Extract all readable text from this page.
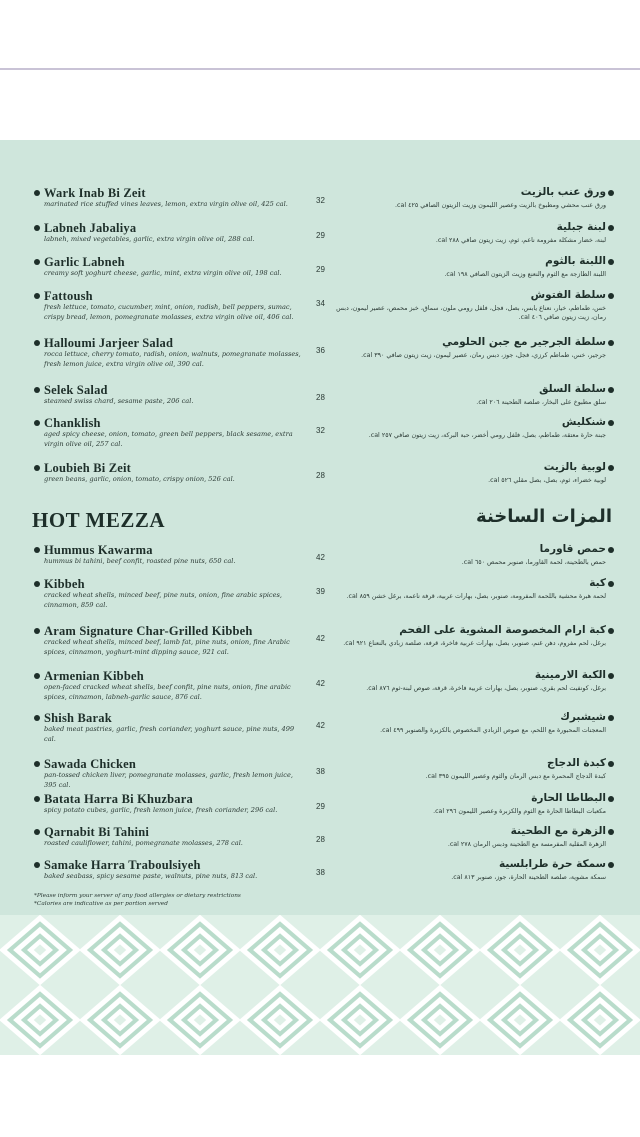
Wark Inab Bi Zeit
marinated rice stuffed vines leaves, lemon, extra virgin olive oil, 425 cal.	32
ورق عنب بالزيت
ورق عنب محشي ومطبوخ بالزيت وعصير الليمون وزيت الزيتون الصافي ٤٢٥ cal.
Labneh Jabaliya
labneh, mixed vegetables, garlic, extra virgin olive oil, 288 cal.	29
لبنة جبلية
لبنة، خضار مشكلة مفرومة ناعم، ثوم، زيت زيتون صافي ٢٨٨ cal.
Garlic Labneh
creamy soft yoghurt cheese, garlic, mint, extra virgin olive oil, 198 cal.	29
اللبنة بالثوم
اللبنة الطازجة مع الثوم والنعنع وزيت الزيتون الصافي ١٩٨ cal.
Fattoush
fresh lettuce, tomato, cucumber, mint, onion, radish, bell peppers, sumac, crispy bread, lemon, pomegranate molasses, extra virgin olive oil, 406 cal.
34
سلطة الفتوش
خس، طماطم، خيار، نعناع يابس، بصل، فجل، فلفل رومي ملون، سماق، خبز محمص، عصير ليمون، دبس رمان، زيت زيتون صافي ٤٠٦ cal.
Halloumi Jarjeer Salad
rocca lettuce, cherry tomato, radish, onion, walnuts, pomegranate molasses, fresh lemon juice, extra virgin olive oil, 390 cal.
36
سلطة الجرجير مع جبن الحلومي
جرجير، خس، طماطم كرزي، فجل، جوز، دبس رمان، عصير ليمون، زيت زيتون صافي ٣٩٠ cal.
Selek Salad
steamed swiss chard, sesame paste, 206 cal.	28
سلطة السلق
سلق مطبوخ على البخار، صلصة الطحينة ٢٠٦ cal.
Chanklish
aged spicy cheese, onion, tomato, green bell peppers, black sesame, extra virgin olive oil, 257 cal.
32
شنكليش
جبنة حارة معتقة، طماطم، بصل، فلفل رومي أخضر، حبة البركة، زيت زيتون صافي ٢٥٧ cal.
Loubieh Bi Zeit
green beans, garlic, onion, tomato, crispy onion, 526 cal.	28
لوبية بالزيت
لوبية خضراء، ثوم، بصل، بصل مقلي ٥٢٦ cal.
HOT MEZZA	المزات الساخنة
Hummus Kawarma
hummus bi tahini, beef confit, roasted pine nuts, 650 cal.	42
حمص قاورما
حمص بالطحينة، لحمة القاورما، صنوبر محمص ٦٥٠ cal.
Kibbeh
cracked wheat shells, minced beef, pine nuts, onion, fine arabic spices, cinnamon, 859 cal.
39
كبة
لحمة هبرة محشية باللحمة المفرومة، صنوبر، بصل، بهارات عربية، قرفة ناعمة، برغل خشن ٨٥٩ cal.
Aram Signature Char-Grilled Kibbeh
cracked wheat shells, minced beef, lamb fat, pine nuts, onion, fine Arabic spices, cinnamon, yoghurt-mint dipping sauce, 921 cal.
42
كبة ارام المخصوصة المشوية على الفحم
برغل، لحم مفروم، دهن غنم، صنوبر، بصل، بهارات عربية فاخرة، قرفة، صلصة زبادي بالنعناع ٩٢١ cal.
Armenian Kibbeh
open-faced cracked wheat shells, beef confit, pine nuts, onion, fine arabic spices, cinnamon, labneh-garlic sauce, 876 cal.
42
الكبة الارمينية
برغل، كونفيت لحم بقري، صنوبر، بصل، بهارات عربية فاخرة، قرفة، صوص لبنة-ثوم ٨٧٦ cal.
Shish Barak
baked meat pastries, garlic, fresh coriander, yoghurt sauce, pine nuts, 499 cal.
42
شيشبرك
المعجنات المحبورة مع اللحم، مع صوص الزبادي المخصوص بالكزبرة والصنوبر ٤٩٩ cal.
Sawada Chicken
pan-tossed chicken liver, pomegranate molasses, garlic, fresh lemon juice, 395 cal.
38
كبدة الدجاج
كبدة الدجاج المحمرة مع دبس الرمان والثوم وعصير الليمون ٣٩٥ cal.
Batata Harra Bi Khuzbara
spicy potato cubes, garlic, fresh lemon juice, fresh coriander, 296 cal.	29
البطاطا الحارة
مكعبات البطاطا الحارة مع الثوم والكزبرة وعصير الليمون ٢٩٦ cal.
Qarnabit Bi Tahini
roasted cauliflower, tahini, pomegranate molasses, 278 cal.	28
الزهرة مع الطحينة
الزهرة المقلية المفرمسة مع الطحينة ودبس الرمان ٢٧٨ cal.
Samake Harra Traboulsiyeh
baked seabass, spicy sesame paste, walnuts, pine nuts, 813 cal.	38
سمكة حرة طرابلسية
سمكة مشوية، صلصة الطحينة الحارة، جوز، صنوبر ٨١٣ cal.
*Please inform your server of any food allergies or dietary restrictions
*Calories are indicative as per portion served
